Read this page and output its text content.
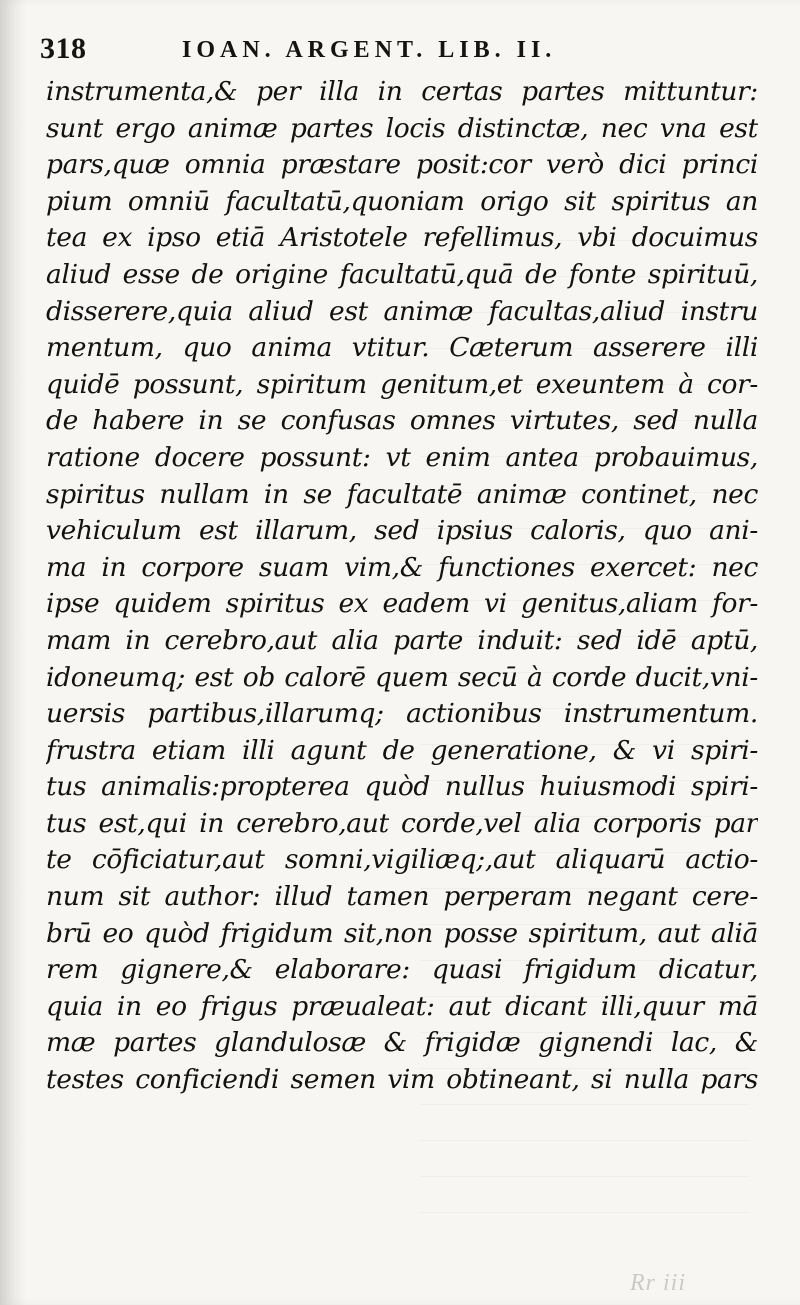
318	IOAN. ARGENT. LIB. II.
instrumenta,& per illa in certas partes mittuntur:
sunt ergo animæ partes locis distinctæ, nec vna est
pars,quæ omnia præstare posit:cor verò dici princi
pium omniū facultatū,quoniam origo sit spiritus an
tea ex ipso etiā Aristotele refellimus, vbi docuimus
aliud esse de origine facultatū,quā de fonte spirituū,
disserere,quia aliud est animæ facultas,aliud instru
mentum, quo anima vtitur. Cæterum asserere illi
quidē possunt, spiritum genitum,et exeuntem à cor-
de habere in se confusas omnes virtutes, sed nulla
ratione docere possunt: vt enim antea probauimus,
spiritus nullam in se facultatē animæ continet, nec
vehiculum est illarum, sed ipsius caloris, quo ani-
ma in corpore suam vim,& functiones exercet: nec
ipse quidem spiritus ex eadem vi genitus,aliam for-
mam in cerebro,aut alia parte induit: sed idē aptū,
idoneumq; est ob calorē quem secū à corde ducit,vni-
uersis partibus,illarumq; actionibus instrumentum.
frustra etiam illi agunt de generatione, & vi spiri-
tus animalis:propterea quòd nullus huiusmodi spiri-
tus est,qui in cerebro,aut corde,vel alia corporis par
te cōficiatur,aut somni,vigiliæq;,aut aliquarū actio-
num sit author: illud tamen perperam negant cere-
brū eo quòd frigidum sit,non posse spiritum, aut aliā
rem gignere,& elaborare: quasi frigidum dicatur,
quia in eo frigus præualeat: aut dicant illi,quur mā
mæ partes glandulosæ & frigidæ gignendi lac, &
testes conficiendi semen vim obtineant, si nulla pars
Rr iii
